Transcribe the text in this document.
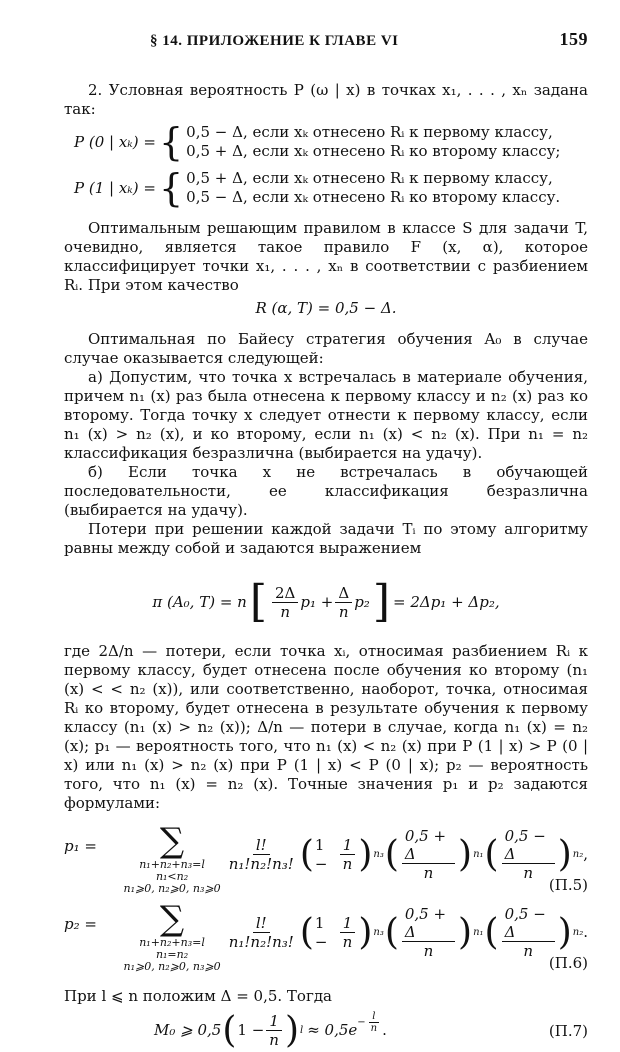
§ 14. ПРИЛОЖЕНИЕ К ГЛАВЕ VI	159

2. Условная вероятность P (ω | x) в точках x₁, . . . , xₙ задана так:

P (0 | xₖ) = { 0,5 − Δ, если xₖ отнесено Rᵢ к первому классу,
0,5 + Δ, если xₖ отнесено Rᵢ ко второму классу;
P (1 | xₖ) = { 0,5 + Δ, если xₖ отнесено Rᵢ к первому классу,
0,5 − Δ, если xₖ отнесено Rᵢ ко второму классу.

Оптимальным решающим правилом в классе S для задачи T, очевидно, является такое правило F (x, α), которое классифицирует точки x₁, . . . , xₙ в соответствии с разбиением Rᵢ. При этом качество

R (α, T) = 0,5 − Δ.

Оптимальная по Байесу стратегия обучения A₀ в случае случае оказывается следующей:

а) Допустим, что точка x встречалась в материале обучения, причем n₁ (x) раз была отнесена к первому классу и n₂ (x) раз ко второму. Тогда точку x следует отнести к первому классу, если n₁ (x) > n₂ (x), и ко второму, если n₁ (x) < n₂ (x). При n₁ = n₂ классификация безразлична (выбирается на удачу).

б) Если точка x не встречалась в обучающей последовательности, ее классификация безразлична (выбирается на удачу).

Потери при решении каждой задачи Tᵢ по этому алгоритму равны между собой и задаются выражением

π (A₀, T) = n [ $\frac{2\Delta}{n} p_1 + \frac{\Delta}{n} p_2$ ] = 2Δp₁ + Δp₂,

где 2Δ/n — потери, если точка xᵢ, относимая разбиением Rᵢ к первому классу, будет отнесена после обучения ко второму (n₁ (x) < < n₂ (x)), или соответственно, наоборот, точка, относимая Rᵢ ко второму, будет отнесена в результате обучения к первому классу (n₁ (x) > n₂ (x)); Δ/n — потери в случае, когда n₁ (x) = n₂ (x); p₁ — вероятность того, что n₁ (x) < n₂ (x) при P (1 | x) > P (0 | x) или n₁ (x) > n₂ (x) при P (1 | x) < P (0 | x); p₂ — вероятность того, что n₁ (x) = n₂ (x). Точные значения p₁ и p₂ задаются формулами:

p₁ =	∑
n₁+n₂+n₃=l
n₁<n₂
n₁⩾0, n₂⩾0, n₃⩾0
$\frac{l!}{\text{n₁!n₂!n₃!}}$ ( $1 - \frac{1}{n}$ ) n₃ ( $\frac{0,5 + \Delta}{n}$ ) n₁ ( $\frac{0,5 - \Delta}{n}$ ) n₂ ,
(П.5)
p₂ =	∑
n₁+n₂+n₃=l
n₁=n₂
n₁⩾0, n₂⩾0, n₃⩾0
$\frac{l!}{\text{n₁!n₂!n₃!}}$ ( $1 - \frac{1}{n}$ ) n₃ ( $\frac{0,5 + \Delta}{n}$ ) n₁ ( $\frac{0,5 - \Delta}{n}$ ) n₂ .
(П.6)

При l ⩽ n положим Δ = 0,5. Тогда

M₀ ⩾ 0,5 ( $1 - \frac{1}{n}$ ) l ≈ 0,5e $^{- \frac{l}{n}}$ .	(П.7)
